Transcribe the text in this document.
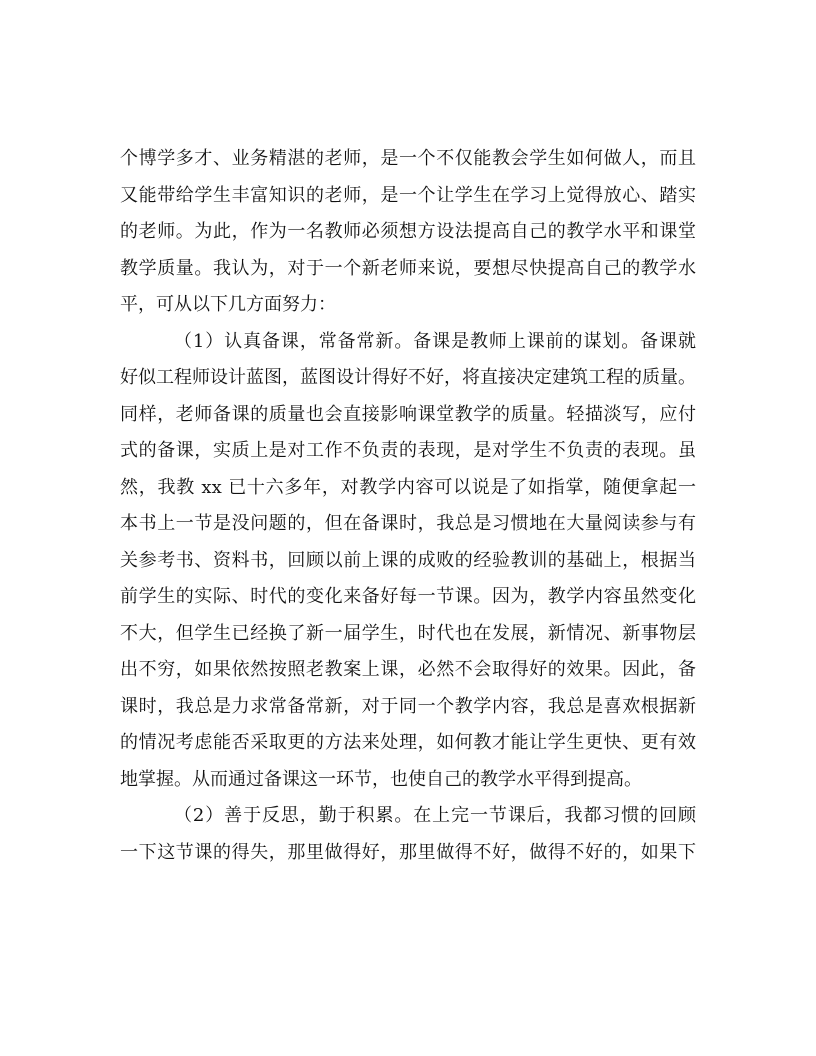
个博学多才、业务精湛的老师，是一个不仅能教会学生如何做人，而且
又能带给学生丰富知识的老师，是一个让学生在学习上觉得放心、踏实
的老师。为此，作为一名教师必须想方设法提高自己的教学水平和课堂
教学质量。我认为，对于一个新老师来说，要想尽快提高自己的教学水
平，可从以下几方面努力：
（1）认真备课，常备常新。备课是教师上课前的谋划。备课就
好似工程师设计蓝图，蓝图设计得好不好，将直接决定建筑工程的质量。
同样，老师备课的质量也会直接影响课堂教学的质量。轻描淡写，应付
式的备课，实质上是对工作不负责的表现，是对学生不负责的表现。虽
然，我教 xx 已十六多年，对教学内容可以说是了如指掌，随便拿起一
本书上一节是没问题的，但在备课时，我总是习惯地在大量阅读参与有
关参考书、资料书，回顾以前上课的成败的经验教训的基础上，根据当
前学生的实际、时代的变化来备好每一节课。因为，教学内容虽然变化
不大，但学生已经换了新一届学生，时代也在发展，新情况、新事物层
出不穷，如果依然按照老教案上课，必然不会取得好的效果。因此，备
课时，我总是力求常备常新，对于同一个教学内容，我总是喜欢根据新
的情况考虑能否采取更的方法来处理，如何教才能让学生更快、更有效
地掌握。从而通过备课这一环节，也使自己的教学水平得到提高。
（2）善于反思，勤于积累。在上完一节课后，我都习惯的回顾
一下这节课的得失，那里做得好，那里做得不好，做得不好的，如果下
